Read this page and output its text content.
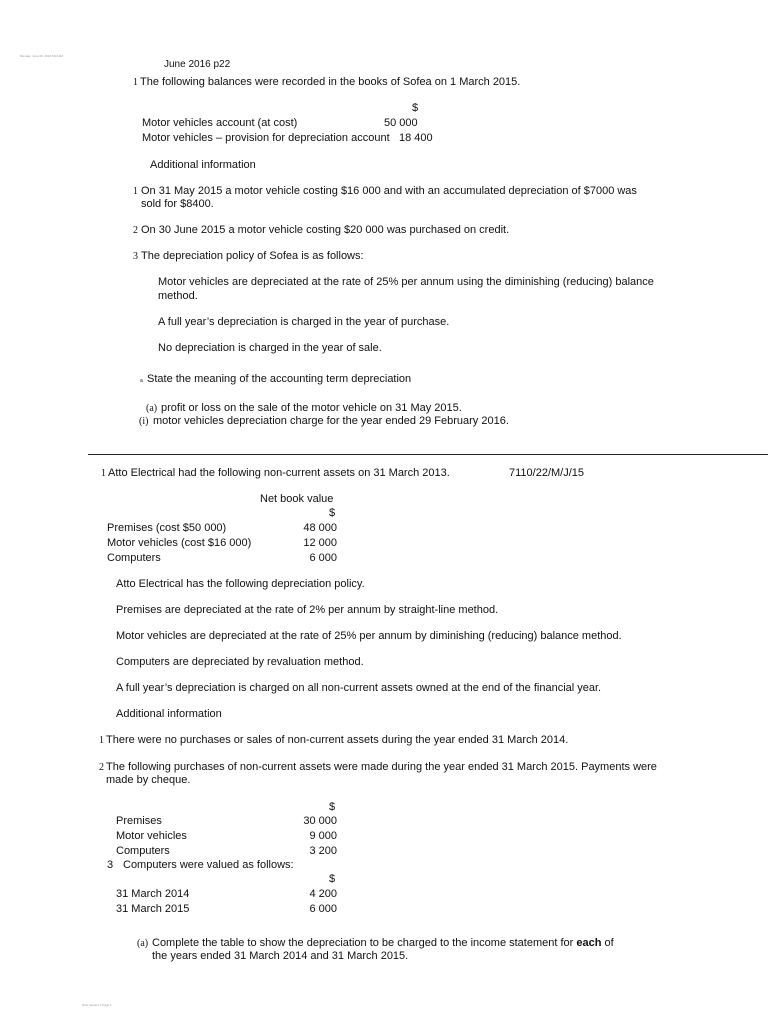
Monday, June 06, 2016 8:04 AM
New Section 1 Page 1
June 2016 p22
1 The following balances were recorded in the books of Sofea on 1 March 2015.
$
Motor vehicles account (at cost)	50 000
Motor vehicles – provision for depreciation account 18 400
Additional information
1 On 31 May 2015 a motor vehicle costing $16 000 and with an accumulated depreciation of $7000 was
sold for $8400.
2 On 30 June 2015 a motor vehicle costing $20 000 was purchased on credit.
3 The depreciation policy of Sofea is as follows:
Motor vehicles are depreciated at the rate of 25% per annum using the diminishing (reducing) balance
method.
A full year’s depreciation is charged in the year of purchase.
No depreciation is charged in the year of sale.
a State the meaning of the accounting term depreciation
(a) profit or loss on the sale of the motor vehicle on 31 May 2015.
(i) motor vehicles depreciation charge for the year ended 29 February 2016.
1 Atto Electrical had the following non-current assets on 31 March 2013.	7110/22/M/J/15
Net book value
$
Premises (cost $50 000)	48 000
Motor vehicles (cost $16 000)	12 000
Computers	6 000
Atto Electrical has the following depreciation policy.
Premises are depreciated at the rate of 2% per annum by straight-line method.
Motor vehicles are depreciated at the rate of 25% per annum by diminishing (reducing) balance method.
Computers are depreciated by revaluation method.
A full year’s depreciation is charged on all non-current assets owned at the end of the financial year.
Additional information
1 There were no purchases or sales of non-current assets during the year ended 31 March 2014.
2 The following purchases of non-current assets were made during the year ended 31 March 2015. Payments were
made by cheque.
$
Premises	30 000
Motor vehicles	9 000
Computers	3 200
3 Computers were valued as follows:
$
31 March 2014	4 200
31 March 2015	6 000
(a) Complete the table to show the depreciation to be charged to the income statement for each of
the years ended 31 March 2014 and 31 March 2015.
